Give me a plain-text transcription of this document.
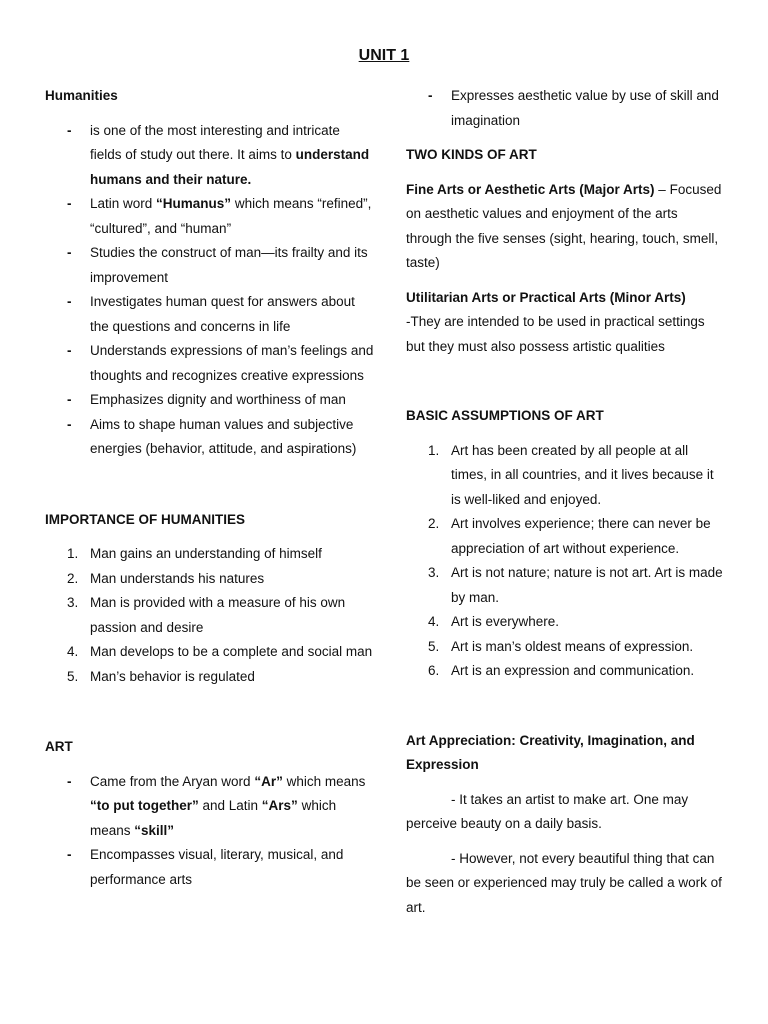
UNIT 1
Humanities
- is one of the most interesting and intricate fields of study out there. It aims to understand humans and their nature.
- Latin word “Humanus” which means “refined”, “cultured”, and “human”
- Studies the construct of man—its frailty and its improvement
- Investigates human quest for answers about the questions and concerns in life
- Understands expressions of man’s feelings and thoughts and recognizes creative expressions
- Emphasizes dignity and worthiness of man
- Aims to shape human values and subjective energies (behavior, attitude, and aspirations)
IMPORTANCE OF HUMANITIES
1. Man gains an understanding of himself
2. Man understands his natures
3. Man is provided with a measure of his own passion and desire
4. Man develops to be a complete and social man
5. Man’s behavior is regulated
ART
- Came from the Aryan word “Ar” which means “to put together” and Latin “Ars” which means “skill”
- Encompasses visual, literary, musical, and performance arts
- Expresses aesthetic value by use of skill and imagination
TWO KINDS OF ART

Fine Arts or Aesthetic Arts (Major Arts) – Focused on aesthetic values and enjoyment of the arts through the five senses (sight, hearing, touch, smell, taste)

Utilitarian Arts or Practical Arts (Minor Arts)

-They are intended to be used in practical settings but they must also possess artistic qualities

BASIC ASSUMPTIONS OF ART
1. Art has been created by all people at all times, in all countries, and it lives because it is well-liked and enjoyed.
2. Art involves experience; there can never be appreciation of art without experience.
3. Art is not nature; nature is not art. Art is made by man.
4. Art is everywhere.
5. Art is man’s oldest means of expression.
6. Art is an expression and communication.
Art Appreciation: Creativity, Imagination, and Expression

- It takes an artist to make art. One may perceive beauty on a daily basis.

- However, not every beautiful thing that can be seen or experienced may truly be called a work of art.
